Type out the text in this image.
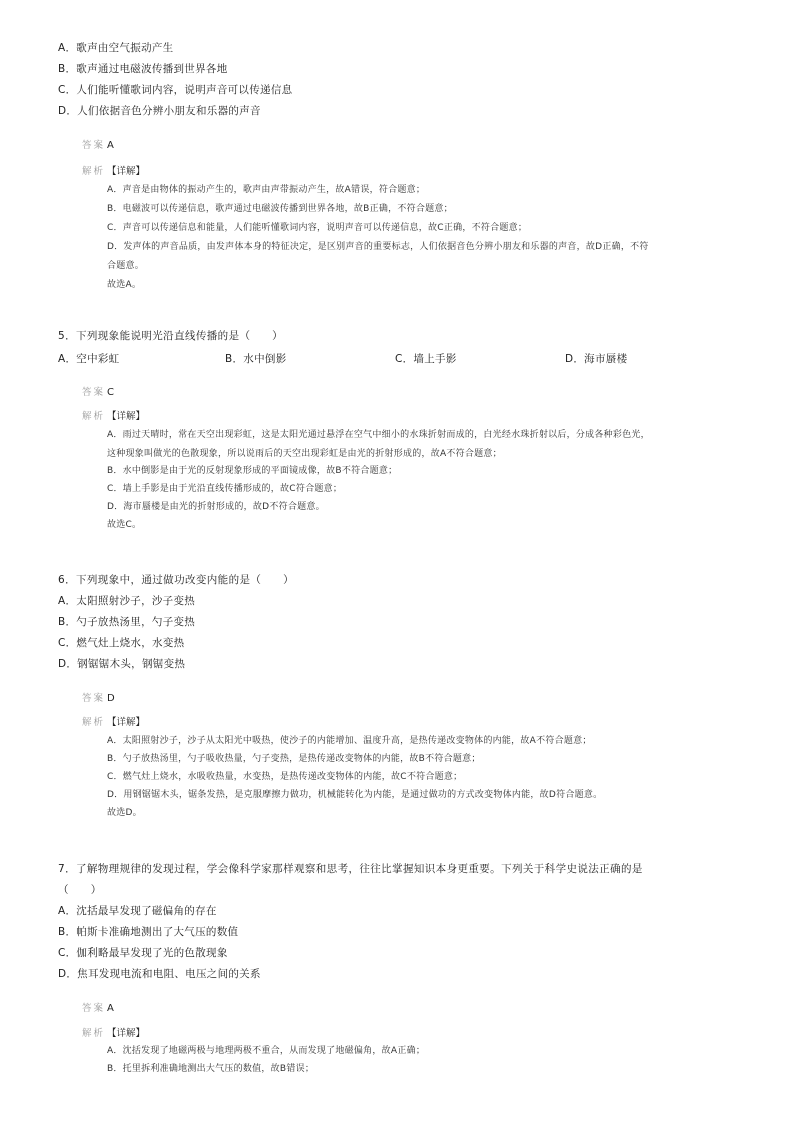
A．歌声由空气振动产生
B．歌声通过电磁波传播到世界各地
C．人们能听懂歌词内容，说明声音可以传递信息
D．人们依据音色分辨小朋友和乐器的声音
答案 A
解析 【详解】
A．声音是由物体的振动产生的，歌声由声带振动产生，故A错误，符合题意；
B．电磁波可以传递信息，歌声通过电磁波传播到世界各地，故B正确，不符合题意；
C．声音可以传递信息和能量，人们能听懂歌词内容，说明声音可以传递信息，故C正确，不符合题意；
D．发声体的声音品质，由发声体本身的特征决定，是区别声音的重要标志，人们依据音色分辨小朋友和乐器的声音，故D正确，不符
合题意。
故选A。
5．下列现象能说明光沿直线传播的是（　　）
A．空中彩虹	B．水中倒影	C．墙上手影	D．海市蜃楼
答案 C
解析 【详解】
A．雨过天晴时，常在天空出现彩虹，这是太阳光通过悬浮在空气中细小的水珠折射而成的，白光经水珠折射以后，分成各种彩色光，
这种现象叫做光的色散现象，所以说雨后的天空出现彩虹是由光的折射形成的，故A不符合题意；
B．水中倒影是由于光的反射现象形成的平面镜成像，故B不符合题意；
C．墙上手影是由于光沿直线传播形成的，故C符合题意；
D．海市蜃楼是由光的折射形成的，故D不符合题意。
故选C。
6．下列现象中，通过做功改变内能的是（　　）
A．太阳照射沙子，沙子变热
B．勺子放热汤里，勺子变热
C．燃气灶上烧水，水变热
D．钢锯锯木头，钢锯变热
答案 D
解析 【详解】
A．太阳照射沙子，沙子从太阳光中吸热，使沙子的内能增加、温度升高，是热传递改变物体的内能，故A不符合题意；
B．勺子放热汤里，勺子吸收热量，勺子变热，是热传递改变物体的内能，故B不符合题意；
C．燃气灶上烧水，水吸收热量，水变热，是热传递改变物体的内能，故C不符合题意；
D．用钢锯锯木头，锯条发热，是克服摩擦力做功，机械能转化为内能，是通过做功的方式改变物体内能，故D符合题意。
故选D。
7．了解物理规律的发现过程，学会像科学家那样观察和思考，往往比掌握知识本身更重要。下列关于科学史说法正确的是
（　　）
A．沈括最早发现了磁偏角的存在
B．帕斯卡准确地测出了大气压的数值
C．伽利略最早发现了光的色散现象
D．焦耳发现电流和电阻、电压之间的关系
答案 A
解析 【详解】
A．沈括发现了地磁两极与地理两极不重合，从而发现了地磁偏角，故A正确；
B．托里拆利准确地测出大气压的数值，故B错误；
